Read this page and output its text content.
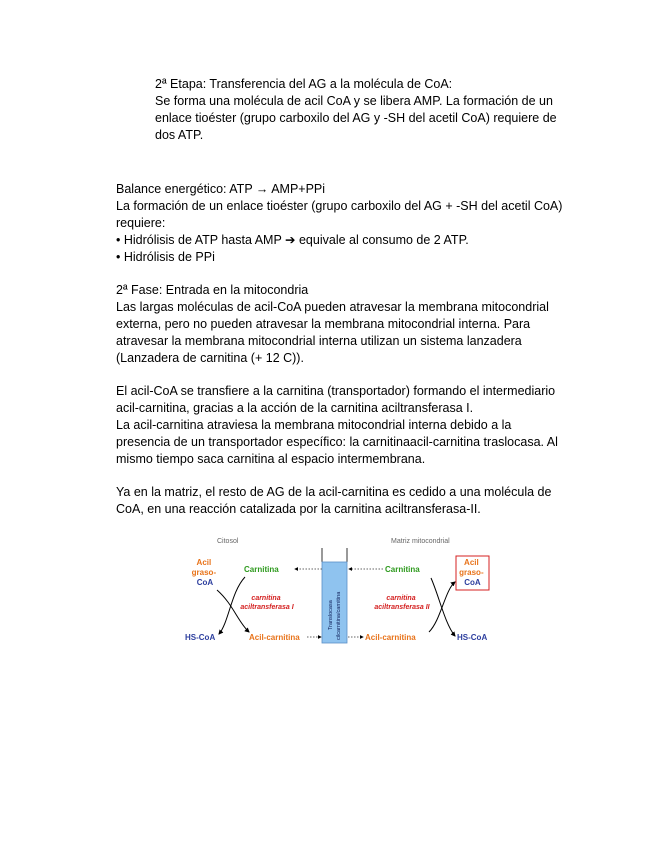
2ª Etapa: Transferencia del AG a la molécula de CoA:
Se forma una molécula de acil CoA y se libera AMP. La formación de un
enlace tioéster (grupo carboxilo del AG y -SH del acetil CoA) requiere de
dos ATP.
Balance energético: ATP → AMP+PPi
La formación de un enlace tioéster (grupo carboxilo del AG + -SH del acetil CoA)
requiere:
• Hidrólisis de ATP hasta AMP ➔ equivale al consumo de 2 ATP.
• Hidrólisis de PPi
2ª Fase: Entrada en la mitocondria
Las largas moléculas de acil-CoA pueden atravesar la membrana mitocondrial
externa, pero no pueden atravesar la membrana mitocondrial interna. Para
atravesar la membrana mitocondrial interna utilizan un sistema lanzadera
(Lanzadera de carnitina (+ 12 C)).
El acil-CoA se transfiere a la carnitina (transportador) formando el intermediario
acil-carnitina, gracias a la acción de la carnitina aciltransferasa I.
La acil-carnitina atraviesa la membrana mitocondrial interna debido a la
presencia de un transportador específico: la carnitinaacil-carnitina traslocasa. Al
mismo tiempo saca carnitina al espacio intermembrana.
Ya en la matriz, el resto de AG de la acil-carnitina es cedido a una molécula de
CoA, en una reacción catalizada por la carnitina aciltransferasa-II.
Citosol	Matriz mitocondrial
Translocasa cilcarnitina/carnitina
Acil graso- CoA
Carnitina
carnitina aciltransferasa I
HS-CoA	Acil-carnitina
Carnitina
Acil graso- CoA
carnitina aciltransferasa II
HS-CoA
Acil-carnitina
